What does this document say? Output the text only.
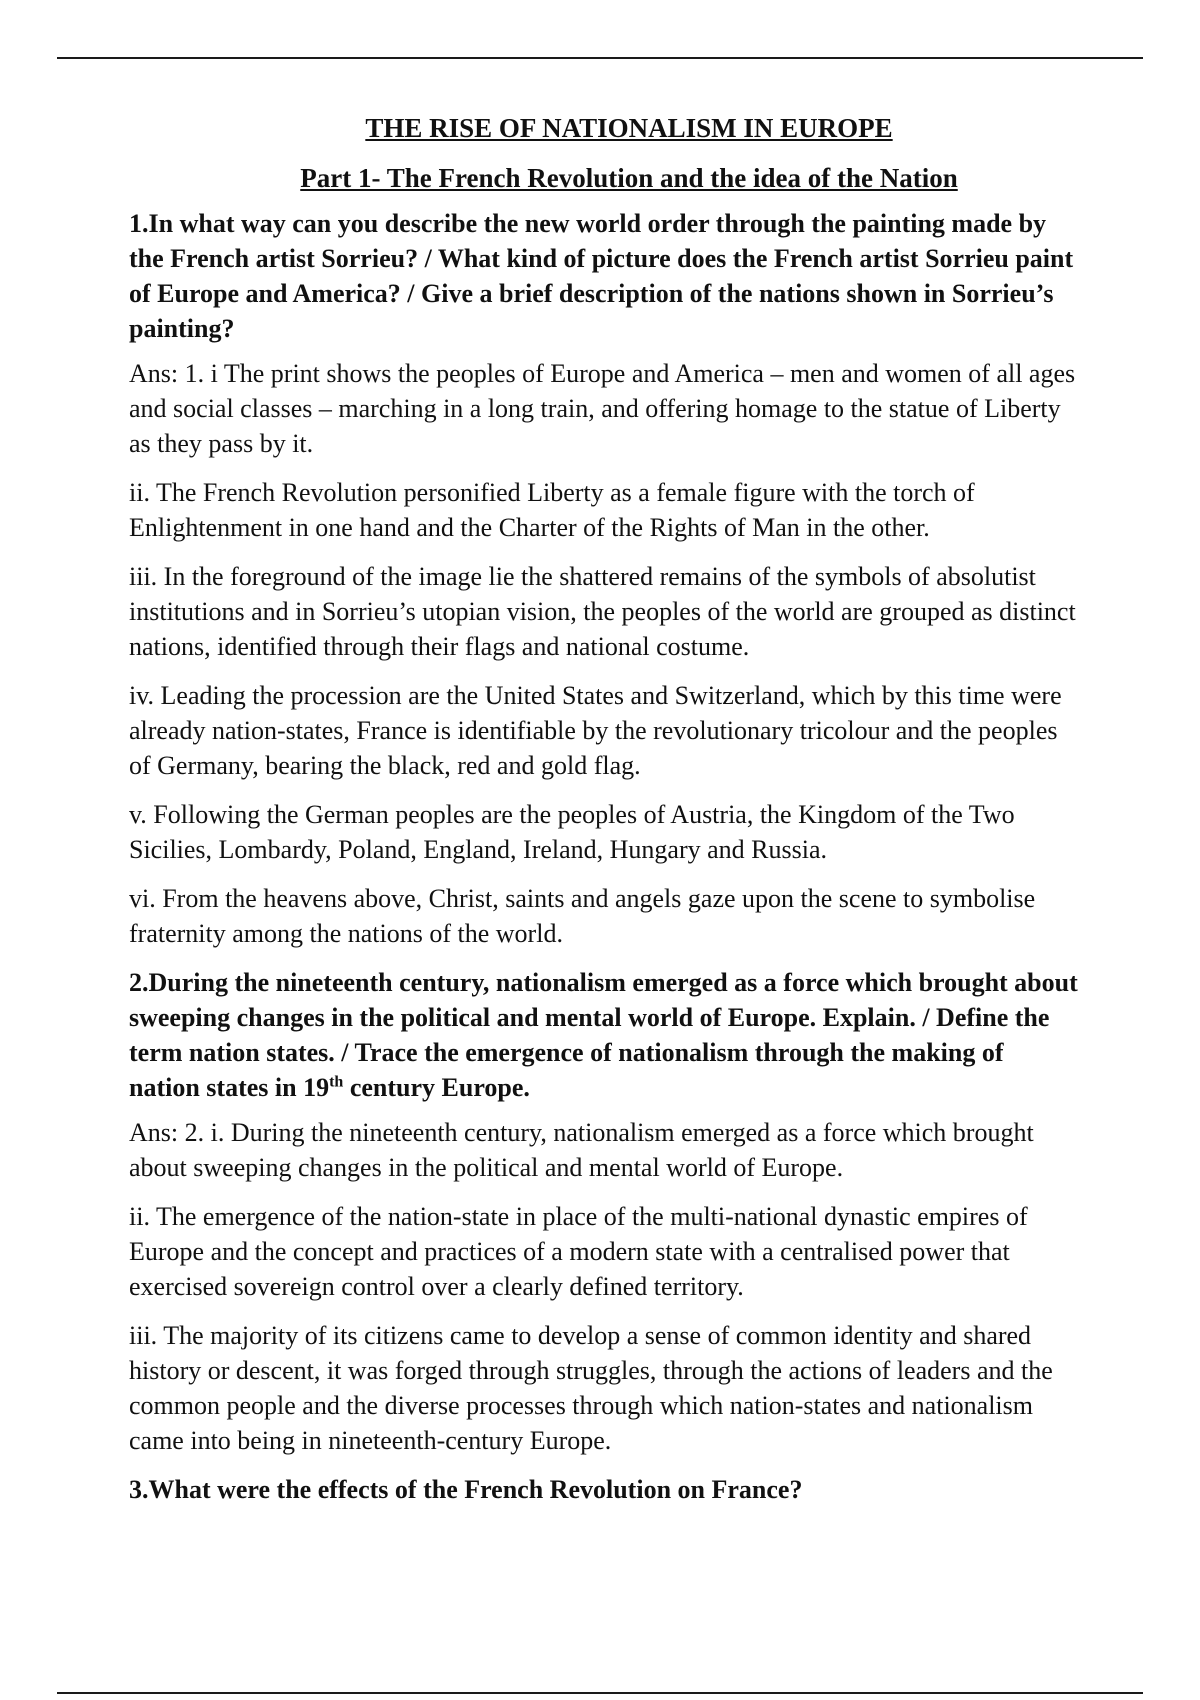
THE RISE OF NATIONALISM IN EUROPE
Part 1- The French Revolution and the idea of the Nation
1.In what way can you describe the new world order through the painting made by the French artist Sorrieu? / What kind of picture does the French artist Sorrieu paint of Europe and America? / Give a brief description of the nations shown in Sorrieu’s painting?
Ans: 1. i The print shows the peoples of Europe and America – men and women of all ages and social classes – marching in a long train, and offering homage to the statue of Liberty as they pass by it.
ii. The French Revolution personified Liberty as a female figure with the torch of Enlightenment in one hand and the Charter of the Rights of Man in the other.
iii. In the foreground of the image lie the shattered remains of the symbols of absolutist institutions and in Sorrieu’s utopian vision, the peoples of the world are grouped as distinct nations, identified through their flags and national costume.
iv. Leading the procession are the United States and Switzerland, which by this time were already nation-states, France is identifiable by the revolutionary tricolour and the peoples of Germany, bearing the black, red and gold flag.
v. Following the German peoples are the peoples of Austria, the Kingdom of the Two Sicilies, Lombardy, Poland, England, Ireland, Hungary and Russia.
vi. From the heavens above, Christ, saints and angels gaze upon the scene to symbolise fraternity among the nations of the world.
2.During the nineteenth century, nationalism emerged as a force which brought about sweeping changes in the political and mental world of Europe. Explain. / Define the term nation states. / Trace the emergence of nationalism through the making of nation states in 19th century Europe.
Ans: 2. i. During the nineteenth century, nationalism emerged as a force which brought about sweeping changes in the political and mental world of Europe.
ii. The emergence of the nation-state in place of the multi-national dynastic empires of Europe and the concept and practices of a modern state with a centralised power that exercised sovereign control over a clearly defined territory.
iii. The majority of its citizens came to develop a sense of common identity and shared history or descent, it was forged through struggles, through the actions of leaders and the common people and the diverse processes through which nation-states and nationalism came into being in nineteenth-century Europe.
3.What were the effects of the French Revolution on France?
